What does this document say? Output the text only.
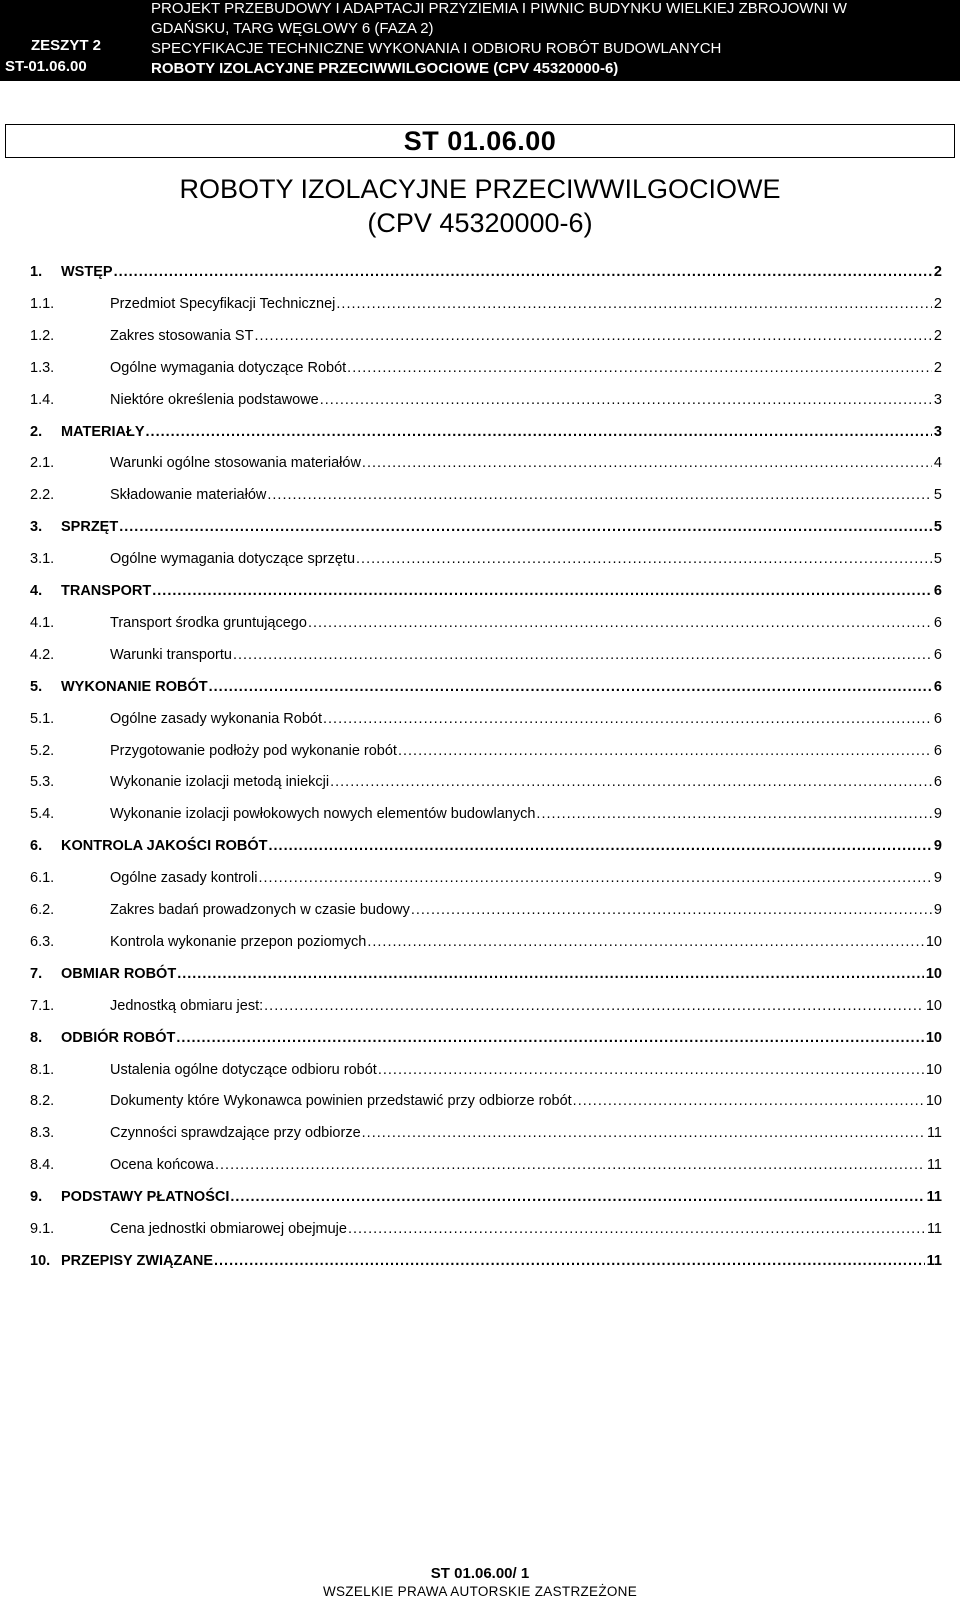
ZESZYT 2
ST-01.06.00
PROJEKT PRZEBUDOWY I ADAPTACJI PRZYZIEMIA I PIWNIC BUDYNKU WIELKIEJ ZBROJOWNI W
GDAŃSKU, TARG WĘGLOWY 6 (FAZA 2)
SPECYFIKACJE TECHNICZNE WYKONANIA I ODBIORU ROBÓT BUDOWLANYCH
ROBOTY IZOLACYJNE PRZECIWWILGOCIOWE (CPV 45320000-6)
ST 01.06.00
ROBOTY IZOLACYJNE PRZECIWWILGOCIOWE
(CPV 45320000-6)
1.	WSTĘP .....	2
1.1.	Przedmiot Specyfikacji Technicznej .....	2
1.2.	Zakres stosowania ST .....	2
1.3.	Ogólne wymagania dotyczące Robót .....	2
1.4.	Niektóre określenia podstawowe .....	3
2.	MATERIAŁY .....	3
2.1.	Warunki ogólne stosowania materiałów .....	4
2.2.	Składowanie materiałów .....	5
3.	SPRZĘT .....	5
3.1.	Ogólne wymagania dotyczące sprzętu .....	5
4.	TRANSPORT .....	6
4.1.	Transport środka gruntującego .....	6
4.2.	Warunki transportu .....	6
5.	WYKONANIE ROBÓT .....	6
5.1.	Ogólne zasady wykonania Robót .....	6
5.2.	Przygotowanie podłoży pod wykonanie robót .....	6
5.3.	Wykonanie izolacji metodą iniekcji .....	6
5.4.	Wykonanie izolacji powłokowych nowych elementów budowlanych .....	9
6.	KONTROLA JAKOŚCI ROBÓT .....	9
6.1.	Ogólne zasady kontroli .....	9
6.2.	Zakres badań prowadzonych w czasie budowy .....	9
6.3.	Kontrola wykonanie przepon poziomych .....	10
7.	OBMIAR ROBÓT .....	10
7.1.	Jednostką obmiaru jest: .....	10
8.	ODBIÓR ROBÓT .....	10
8.1.	Ustalenia ogólne dotyczące odbioru robót .....	10
8.2.	Dokumenty które Wykonawca powinien przedstawić przy odbiorze robót .....	10
8.3.	Czynności sprawdzające przy odbiorze .....	11
8.4.	Ocena końcowa .....	11
9.	PODSTAWY PŁATNOŚCI .....	11
9.1.	Cena jednostki obmiarowej obejmuje .....	11
10. PRZEPISY ZWIĄZANE .....	11
ST 01.06.00/ 1
WSZELKIE PRAWA AUTORSKIE ZASTRZEŻONE
